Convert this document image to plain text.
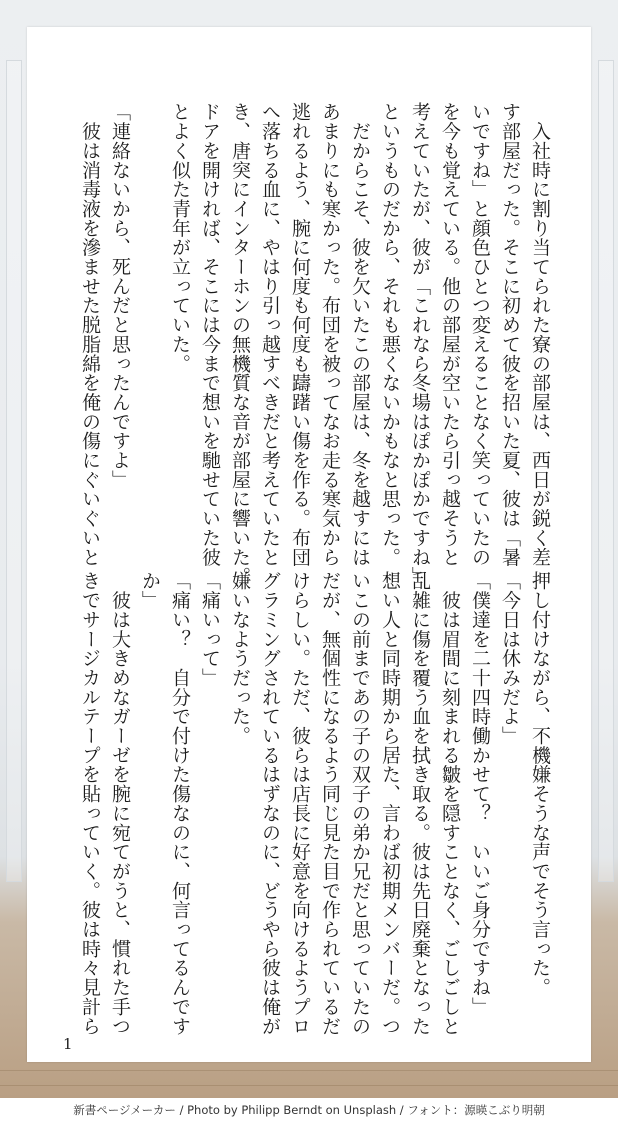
　入社時に割り当てられた寮の部屋は、西日が鋭く差
す部屋だった。そこに初めて彼を招いた夏、彼は「暑
いですね」と顔色ひとつ変えることなく笑っていたの
を今も覚えている。他の部屋が空いたら引っ越そうと
考えていたが、彼が「これなら冬場はぽかぽかですね」
というものだから、それも悪くないかもなと思った。
　だからこそ、彼を欠いたこの部屋は、冬を越すには
あまりにも寒かった。布団を被ってなお走る寒気から
逃れるよう、腕に何度も何度も躊躇い傷を作る。布団
へ落ちる血に、やはり引っ越すべきだと考えていたと
き、唐突にインターホンの無機質な音が部屋に響いた。
ドアを開ければ、そこには今まで想いを馳せていた彼
とよく似た青年が立っていた。

「連絡ないから、死んだと思ったんですよ」
　彼は消毒液を滲ませた脱脂綿を俺の傷にぐいぐいと
押し付けながら、不機嫌そうな声でそう言った。
「今日は休みだよ」
「僕達を二十四時働かせて？　いいご身分ですね」
　彼は眉間に刻まれる皺を隠すことなく、ごしごしと
乱雑に傷を覆う血を拭き取る。彼は先日廃棄となった
想い人と同時期から居た、言わば初期メンバーだ。つ
いこの前まであの子の双子の弟か兄だと思っていたの
だが、無個性になるよう同じ見た目で作られているだ
けらしい。ただ、彼らは店長に好意を向けるようプロ
グラミングされているはずなのに、どうやら彼は俺が
嫌いなようだった。
「痛いって」
「痛い？　自分で付けた傷なのに、何言ってるんです
か」
　彼は大きめなガーゼを腕に宛てがうと、慣れた手つ
きでサージカルテープを貼っていく。彼は時々見計ら
1
新書ページメーカー / Photo by Philipp Berndt on Unsplash / フォント：源暎こぶり明朝
